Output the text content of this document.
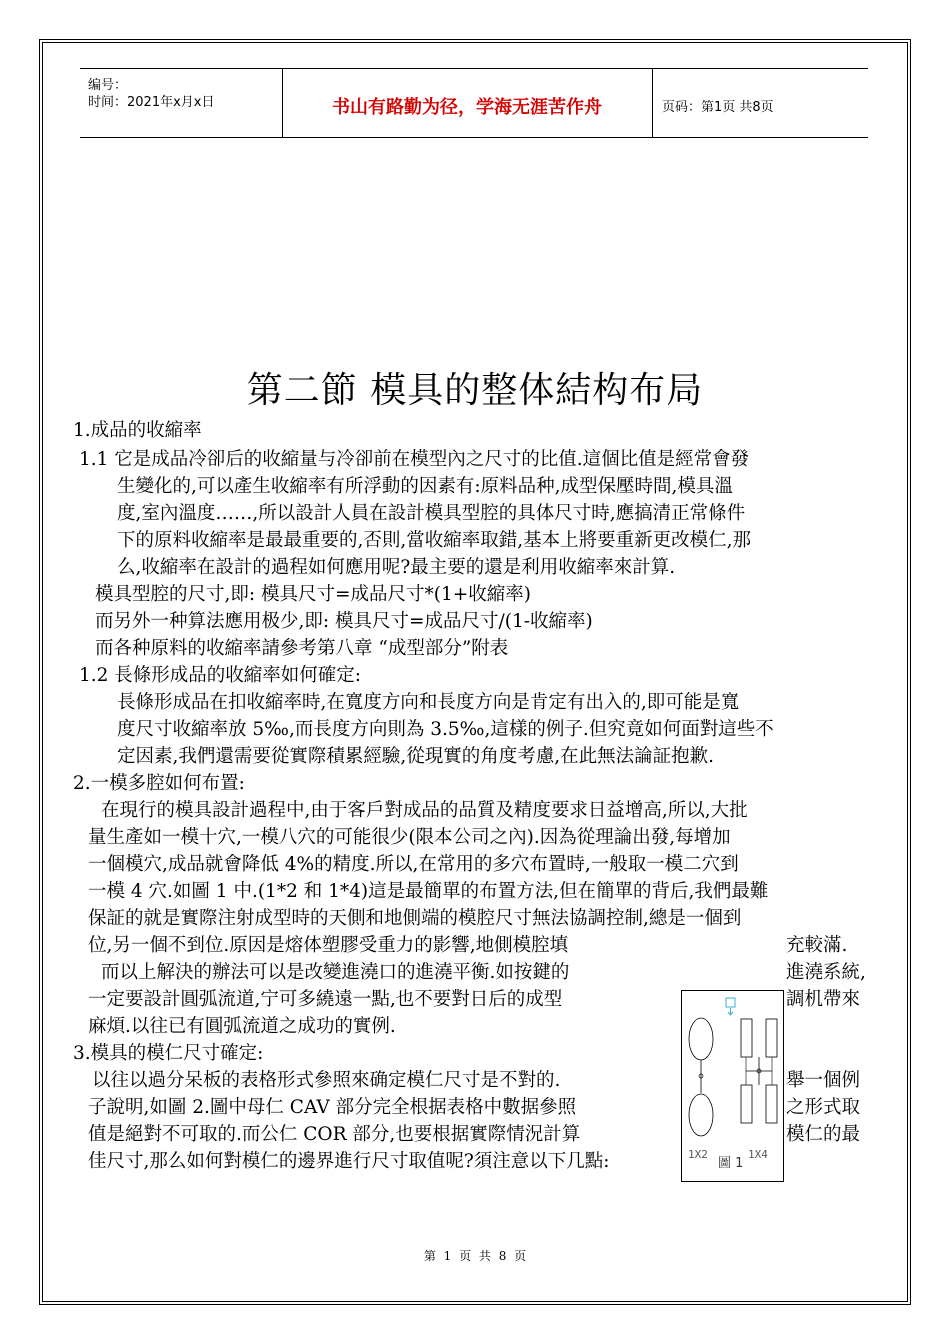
编号：
时间：2021年x月x日	书山有路勤为径，学海无涯苦作舟	页码：第1页 共8页
第二節 模具的整体結构布局
1.成品的收縮率
1.1 它是成品冷卻后的收縮量与冷卻前在模型內之尺寸的比值.這個比值是經常會發
生變化的,可以產生收縮率有所浮動的因素有:原料品种,成型保壓時間,模具溫
度,室內溫度……,所以設計人員在設計模具型腔的具体尺寸時,應搞清正常條件
下的原料收縮率是最最重要的,否則,當收縮率取錯,基本上將要重新更改模仁,那
么,收縮率在設計的過程如何應用呢?最主要的還是利用收縮率來計算.
模具型腔的尺寸,即: 模具尺寸=成品尺寸*(1+收縮率)
而另外一种算法應用极少,即: 模具尺寸=成品尺寸/(1-收縮率)
而各种原料的收縮率請參考第八章 “成型部分”附表
1.2 長條形成品的收縮率如何確定:
長條形成品在扣收縮率時,在寬度方向和長度方向是肯定有出入的,即可能是寬
度尺寸收縮率放 5‰,而長度方向則為 3.5‰,這樣的例子.但究竟如何面對這些不
定因素,我們還需要從實際積累經驗,從現實的角度考慮,在此無法論証抱歉.
2.一模多腔如何布置:
在現行的模具設計過程中,由于客戶對成品的品質及精度要求日益增高,所以,大批
量生產如一模十穴,一模八穴的可能很少(限本公司之內).因為從理論出發,每增加
一個模穴,成品就會降低 4%的精度.所以,在常用的多穴布置時,一般取一模二穴到
一模 4 穴.如圖 1 中.(1*2 和 1*4)這是最簡單的布置方法,但在簡單的背后,我們最難
保証的就是實際注射成型時的天側和地側端的模腔尺寸無法協調控制,總是一個到
位,另一個不到位.原因是熔体塑膠受重力的影響,地側模腔填	充較滿.
而以上解決的辦法可以是改變進澆口的進澆平衡.如按鍵的	進澆系統,
一定要設計圓弧流道,宁可多繞遠一點,也不要對日后的成型	調机帶來
麻煩.以往已有圓弧流道之成功的實例.
3.模具的模仁尺寸確定:
以往以過分呆板的表格形式參照來确定模仁尺寸是不對的.	舉一個例
子說明,如圖 2.圖中母仁 CAV 部分完全根据表格中數据參照	之形式取
值是絕對不可取的.而公仁 COR 部分,也要根据實際情況計算	模仁的最
佳尺寸,那么如何對模仁的邊界進行尺寸取值呢?須注意以下几點:	1X2	1X4
圖 1
第 1 页 共 8 页
